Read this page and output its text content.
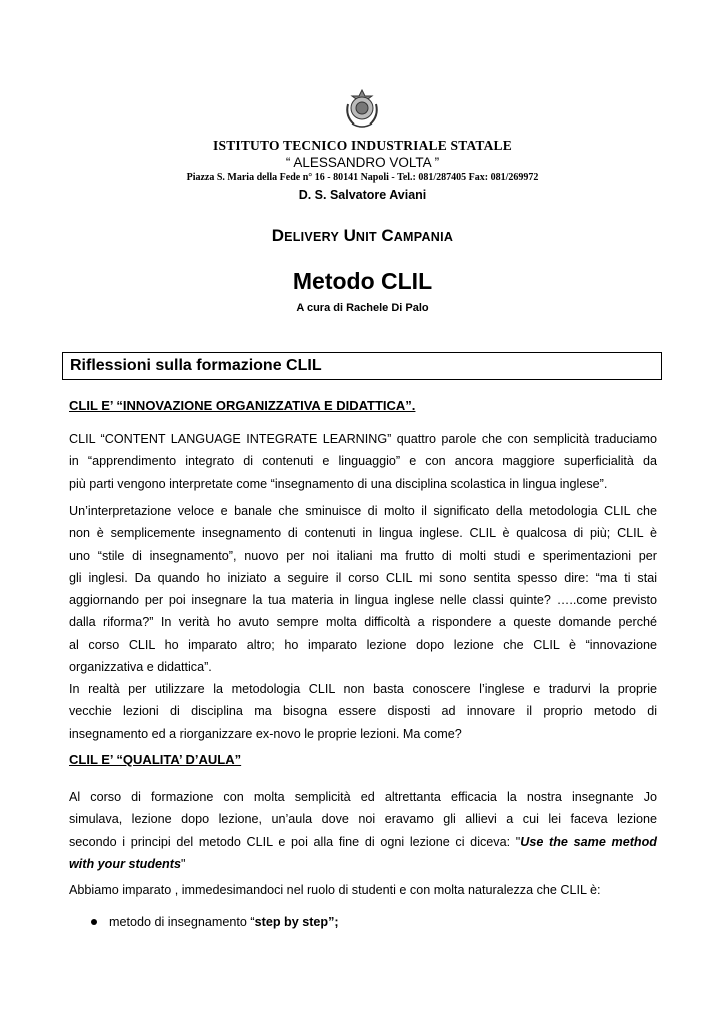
ISTITUTO TECNICO INDUSTRIALE STATALE
“ ALESSANDRO VOLTA ”
Piazza S. Maria della Fede n° 16 - 80141 Napoli - Tel.: 081/287405 Fax: 081/269972
D. S. Salvatore Aviani
DELIVERY UNIT CAMPANIA
Metodo CLIL
A cura di Rachele Di Palo
Riflessioni sulla formazione CLIL
CLIL E’ “INNOVAZIONE ORGANIZZATIVA E DIDATTICA”.
CLIL “CONTENT LANGUAGE INTEGRATE LEARNING” quattro parole che con semplicità traduciamo
in “apprendimento integrato di contenuti e linguaggio” e con ancora maggiore superficialità da
più parti vengono interpretate come “insegnamento di una disciplina scolastica in lingua inglese”.
Un’interpretazione veloce e banale che sminuisce di molto il significato della metodologia CLIL che
non è semplicemente insegnamento di contenuti in lingua inglese. CLIL è qualcosa di più; CLIL è
uno “stile di insegnamento”, nuovo per noi italiani ma frutto di molti studi e sperimentazioni per
gli inglesi. Da quando ho iniziato a seguire il corso CLIL mi sono sentita spesso dire: “ma ti stai
aggiornando per poi insegnare la tua materia in lingua inglese nelle classi quinte? …..come previsto
dalla riforma?” In verità ho avuto sempre molta difficoltà a rispondere a queste domande perché
al corso CLIL ho imparato altro; ho imparato lezione dopo lezione che CLIL è “innovazione
organizzativa e didattica”.
In realtà per utilizzare la metodologia CLIL non basta conoscere l’inglese e tradurvi la proprie
vecchie lezioni di disciplina ma bisogna essere disposti ad innovare il proprio metodo di
insegnamento ed a riorganizzare ex-novo le proprie lezioni. Ma come?
CLIL E’ “QUALITA’ D’AULA”
Al corso di formazione con molta semplicità ed altrettanta efficacia la nostra insegnante Jo
simulava, lezione dopo lezione, un’aula dove noi eravamo gli allievi a cui lei faceva lezione
secondo i principi del metodo CLIL e poi alla fine di ogni lezione ci diceva: "Use the same method
with your students"
Abbiamo imparato , immedesimandoci nel ruolo di studenti e con molta naturalezza che CLIL è:
metodo di insegnamento “step by step”;
